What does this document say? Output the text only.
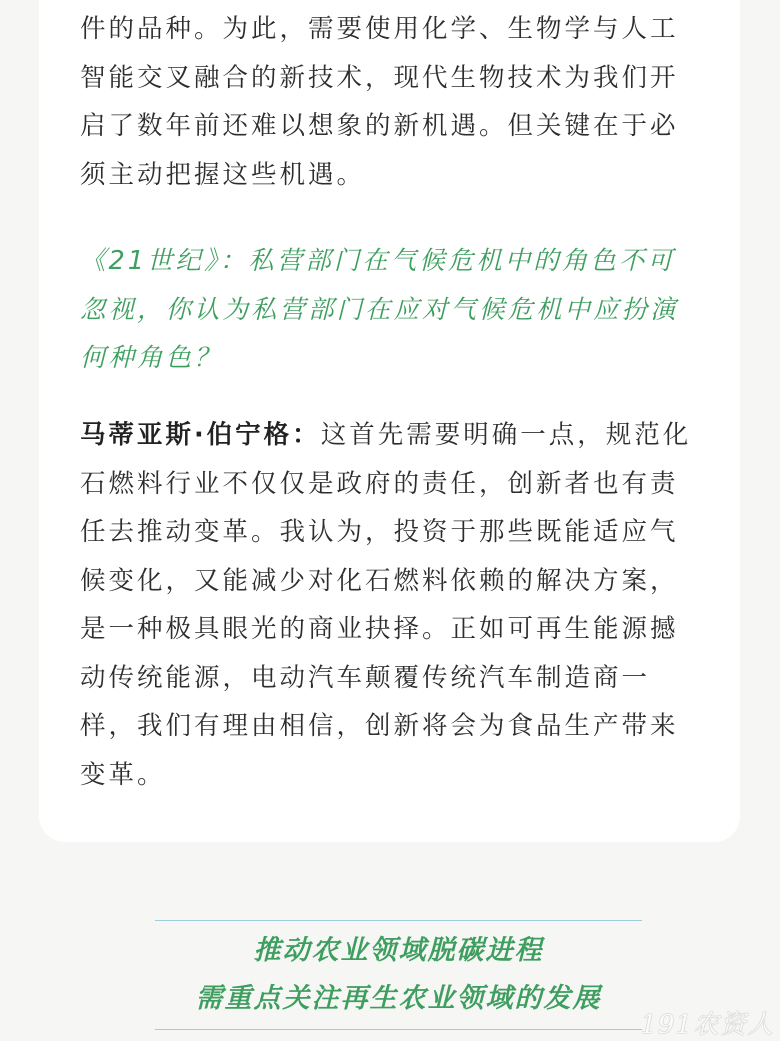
件的品种。为此，需要使用化学、生物学与人工智能交叉融合的新技术，现代生物技术为我们开启了数年前还难以想象的新机遇。但关键在于必须主动把握这些机遇。

《21世纪》：私营部门在气候危机中的角色不可忽视，你认为私营部门在应对气候危机中应扮演何种角色？

马蒂亚斯·伯宁格：这首先需要明确一点，规范化石燃料行业不仅仅是政府的责任，创新者也有责任去推动变革。我认为，投资于那些既能适应气候变化，又能减少对化石燃料依赖的解决方案，是一种极具眼光的商业抉择。正如可再生能源撼动传统能源，电动汽车颠覆传统汽车制造商一样，我们有理由相信，创新将会为食品生产带来变革。

推动农业领域脱碳进程
需重点关注再生农业领域的发展
191农资人
